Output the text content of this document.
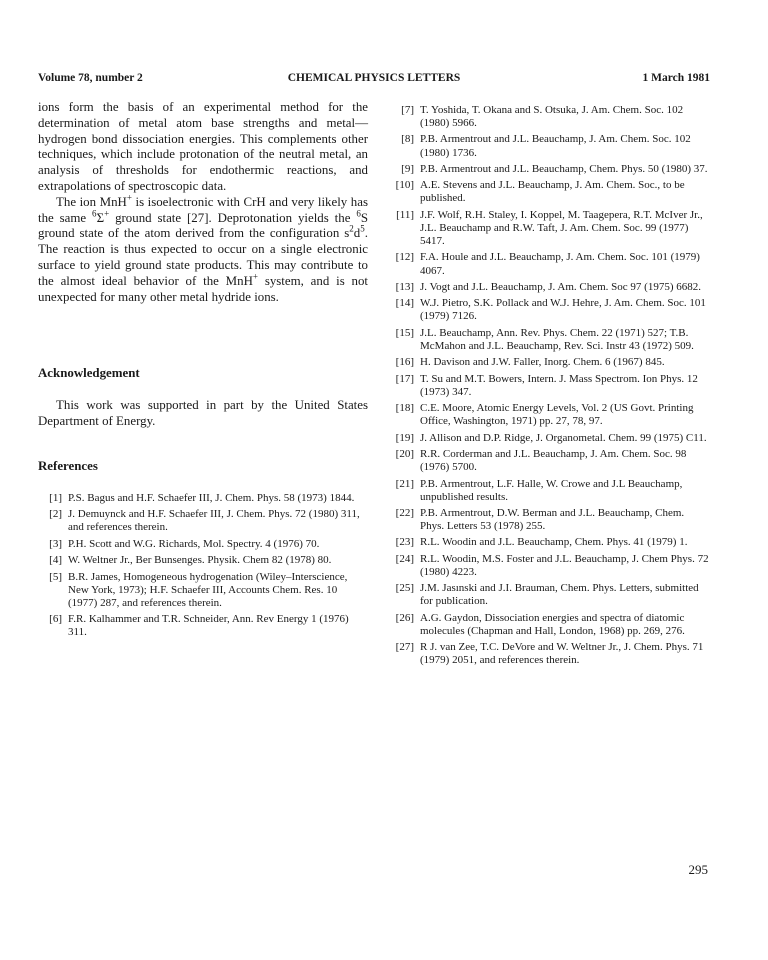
Volume 78, number 2	CHEMICAL PHYSICS LETTERS	1 March 1981

ions form the basis of an experimental method for the determination of metal atom base strengths and metal—hydrogen bond dissociation energies. This complements other techniques, which include protonation of the neutral metal, an analysis of thresholds for endothermic reactions, and extrapolations of spectroscopic data.

The ion MnH+ is isoelectronic with CrH and very likely has the same $^6$Σ+ ground state [27]. Deprotonation yields the $^6$S ground state of the atom derived from the configuration $s^2d^5$. The reaction is thus expected to occur on a single electronic surface to yield ground state products. This may contribute to the almost ideal behavior of the MnH+ system, and is not unexpected for many other metal hydride ions.

Acknowledgement

This work was supported in part by the United States Department of Energy.

References

[1] P.S. Bagus and H.F. Schaefer III, J. Chem. Phys. 58 (1973) 1844.
[2] J. Demuynck and H.F. Schaefer III, J. Chem. Phys. 72 (1980) 311, and references therein.
[3] P.H. Scott and W.G. Richards, Mol. Spectry. 4 (1976) 70.
[4] W. Weltner Jr., Ber Bunsenges. Physik. Chem 82 (1978) 80.
[5] B.R. James, Homogeneous hydrogenation (Wiley–Interscience, New York, 1973); H.F. Schaefer III, Accounts Chem. Res. 10 (1977) 287, and references therein.
[6] F.R. Kalhammer and T.R. Schneider, Ann. Rev Energy 1 (1976) 311.
[7] T. Yoshida, T. Okana and S. Otsuka, J. Am. Chem. Soc. 102 (1980) 5966.
[8] P.B. Armentrout and J.L. Beauchamp, J. Am. Chem. Soc. 102 (1980) 1736.
[9] P.B. Armentrout and J.L. Beauchamp, Chem. Phys. 50 (1980) 37.
[10] A.E. Stevens and J.L. Beauchamp, J. Am. Chem. Soc., to be published.
[11] J.F. Wolf, R.H. Staley, I. Koppel, M. Taagepera, R.T. McIver Jr., J.L. Beauchamp and R.W. Taft, J. Am. Chem. Soc. 99 (1977) 5417.
[12] F.A. Houle and J.L. Beauchamp, J. Am. Chem. Soc. 101 (1979) 4067.
[13] J. Vogt and J.L. Beauchamp, J. Am. Chem. Soc 97 (1975) 6682.
[14] W.J. Pietro, S.K. Pollack and W.J. Hehre, J. Am. Chem. Soc. 101 (1979) 7126.
[15] J.L. Beauchamp, Ann. Rev. Phys. Chem. 22 (1971) 527; T.B. McMahon and J.L. Beauchamp, Rev. Sci. Instr 43 (1972) 509.
[16] H. Davison and J.W. Faller, Inorg. Chem. 6 (1967) 845.
[17] T. Su and M.T. Bowers, Intern. J. Mass Spectrom. Ion Phys. 12 (1973) 347.
[18] C.E. Moore, Atomic Energy Levels, Vol. 2 (US Govt. Printing Office, Washington, 1971) pp. 27, 78, 97.
[19] J. Allison and D.P. Ridge, J. Organometal. Chem. 99 (1975) C11.
[20] R.R. Corderman and J.L. Beauchamp, J. Am. Chem. Soc. 98 (1976) 5700.
[21] P.B. Armentrout, L.F. Halle, W. Crowe and J.L Beauchamp, unpublished results.
[22] P.B. Armentrout, D.W. Berman and J.L. Beauchamp, Chem. Phys. Letters 53 (1978) 255.
[23] R.L. Woodin and J.L. Beauchamp, Chem. Phys. 41 (1979) 1.
[24] R.L. Woodin, M.S. Foster and J.L. Beauchamp, J. Chem Phys. 72 (1980) 4223.
[25] J.M. Jasınski and J.I. Brauman, Chem. Phys. Letters, submitted for publication.
[26] A.G. Gaydon, Dissociation energies and spectra of diatomic molecules (Chapman and Hall, London, 1968) pp. 269, 276.
[27] R J. van Zee, T.C. DeVore and W. Weltner Jr., J. Chem. Phys. 71 (1979) 2051, and references therein.
295
